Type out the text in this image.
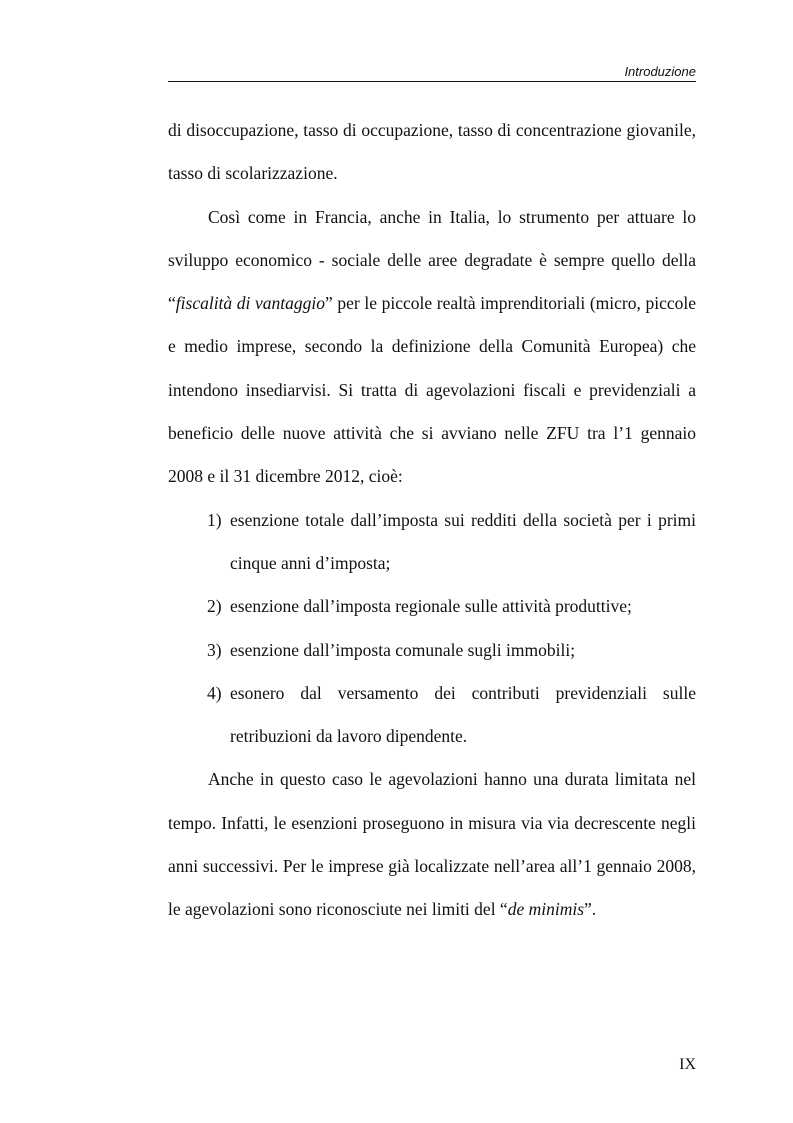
Introduzione

di disoccupazione, tasso di occupazione, tasso di concentrazione giovanile, tasso di scolarizzazione.

Così come in Francia, anche in Italia, lo strumento per attuare lo sviluppo economico - sociale delle aree degradate è sempre quello della “fiscalità di vantaggio” per le piccole realtà imprenditoriali (micro, piccole e medio imprese, secondo la definizione della Comunità Europea) che intendono insediarvisi. Si tratta di agevolazioni fiscali e previdenziali a beneficio delle nuove attività che si avviano nelle ZFU tra l’1 gennaio 2008 e il 31 dicembre 2012, cioè:

1) esenzione totale dall’imposta sui redditi della società per i primi cinque anni d’imposta;
2) esenzione dall’imposta regionale sulle attività produttive;
3) esenzione dall’imposta comunale sugli immobili;
4) esonero dal versamento dei contributi previdenziali sulle retribuzioni da lavoro dipendente.

Anche in questo caso le agevolazioni hanno una durata limitata nel tempo. Infatti, le esenzioni proseguono in misura via via decrescente negli anni successivi. Per le imprese già localizzate nell’area all’1 gennaio 2008, le agevolazioni sono riconosciute nei limiti del “de minimis”.

IX
